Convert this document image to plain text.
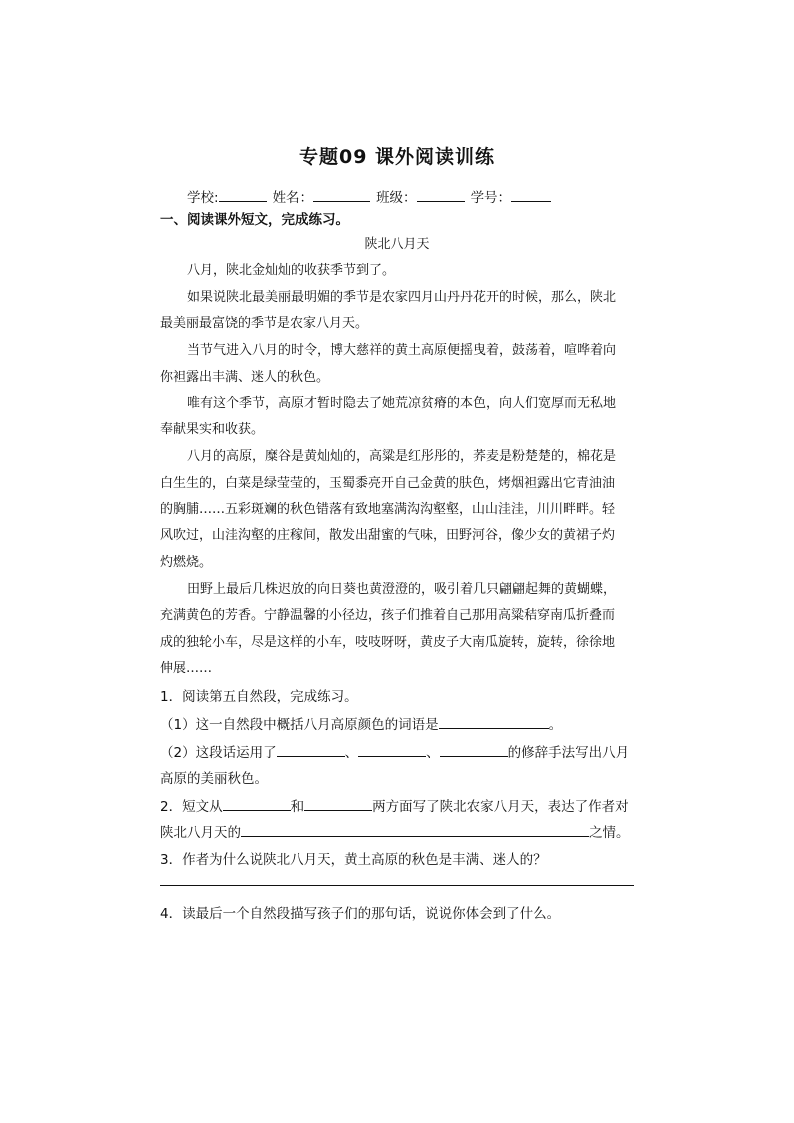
专题09 课外阅读训练
学校:	姓名：	班级：	学号：
一、阅读课外短文，完成练习。
陕北八月天
八月，陕北金灿灿的收获季节到了。
如果说陕北最美丽最明媚的季节是农家四月山丹丹花开的时候，那么，陕北
最美丽最富饶的季节是农家八月天。
当节气进入八月的时令，博大慈祥的黄土高原便摇曳着，鼓荡着，喧哗着向
你袒露出丰满、迷人的秋色。
唯有这个季节，高原才暂时隐去了她荒凉贫瘠的本色，向人们宽厚而无私地
奉献果实和收获。
八月的高原，糜谷是黄灿灿的，高粱是红彤彤的，荞麦是粉楚楚的，棉花是
白生生的，白菜是绿莹莹的，玉蜀黍亮开自己金黄的肤色，烤烟袒露出它青油油
的胸脯……五彩斑斓的秋色错落有致地塞满沟沟壑壑，山山洼洼，川川畔畔。轻
风吹过，山洼沟壑的庄稼间，散发出甜蜜的气味，田野河谷，像少女的黄裙子灼
灼燃烧。
田野上最后几株迟放的向日葵也黄澄澄的，吸引着几只翩翩起舞的黄蝴蝶，
充满黄色的芳香。宁静温馨的小径边，孩子们推着自己那用高粱秸穿南瓜折叠而
成的独轮小车，尽是这样的小车，吱吱呀呀，黄皮子大南瓜旋转，旋转，徐徐地
伸展……
1．阅读第五自然段，完成练习。
（1）这一自然段中概括八月高原颜色的词语是	。
（2）这段话运用了	、	、	的修辞手法写出八月
高原的美丽秋色。
2．短文从	和	两方面写了陕北农家八月天，表达了作者对
陕北八月天的	之情。
3．作者为什么说陕北八月天，黄土高原的秋色是丰满、迷人的？
4．读最后一个自然段描写孩子们的那句话，说说你体会到了什么。
